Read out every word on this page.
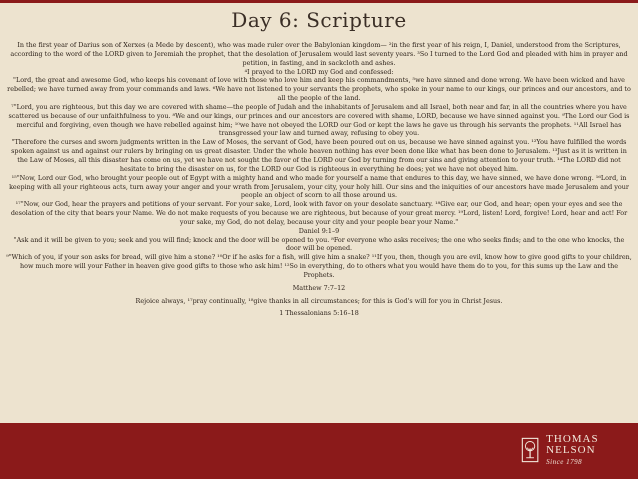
Day 6: Scripture

In the first year of Darius son of Xerxes (a Mede by descent), who was made ruler over the Babylonian kingdom— ²in the first year of his reign, I, Daniel, understood from the Scriptures, according to the word of the LORD given to Jeremiah the prophet, that the desolation of Jerusalem would last seventy years. ³So I turned to the Lord God and pleaded with him in prayer and petition, in fasting, and in sackcloth and ashes.

⁴I prayed to the LORD my God and confessed:

"Lord, the great and awesome God, who keeps his covenant of love with those who love him and keep his commandments, ⁵we have sinned and done wrong. We have been wicked and have rebelled; we have turned away from your commands and laws. ⁶We have not listened to your servants the prophets, who spoke in your name to our kings, our princes and our ancestors, and to all the people of the land.

⁷"Lord, you are righteous, but this day we are covered with shame—the people of Judah and the inhabitants of Jerusalem and all Israel, both near and far, in all the countries where you have scattered us because of our unfaithfulness to you. ⁸We and our kings, our princes and our ancestors are covered with shame, LORD, because we have sinned against you. ⁹The Lord our God is merciful and forgiving, even though we have rebelled against him; ¹⁰we have not obeyed the LORD our God or kept the laws he gave us through his servants the prophets. ¹¹All Israel has transgressed your law and turned away, refusing to obey you.

"Therefore the curses and sworn judgments written in the Law of Moses, the servant of God, have been poured out on us, because we have sinned against you. ¹²You have fulfilled the words spoken against us and against our rulers by bringing on us great disaster. Under the whole heaven nothing has ever been done like what has been done to Jerusalem. ¹³Just as it is written in the Law of Moses, all this disaster has come on us, yet we have not sought the favor of the LORD our God by turning from our sins and giving attention to your truth. ¹⁴The LORD did not hesitate to bring the disaster on us, for the LORD our God is righteous in everything he does; yet we have not obeyed him.

¹⁵"Now, Lord our God, who brought your people out of Egypt with a mighty hand and who made for yourself a name that endures to this day, we have sinned, we have done wrong. ¹⁶Lord, in keeping with all your righteous acts, turn away your anger and your wrath from Jerusalem, your city, your holy hill. Our sins and the iniquities of our ancestors have made Jerusalem and your people an object of scorn to all those around us.

¹⁷"Now, our God, hear the prayers and petitions of your servant. For your sake, Lord, look with favor on your desolate sanctuary. ¹⁸Give ear, our God, and hear; open your eyes and see the desolation of the city that bears your Name. We do not make requests of you because we are righteous, but because of your great mercy. ¹⁹Lord, listen! Lord, forgive! Lord, hear and act! For your sake, my God, do not delay, because your city and your people bear your Name."

Daniel 9:1–9

"Ask and it will be given to you; seek and you will find; knock and the door will be opened to you. ⁸For everyone who asks receives; the one who seeks finds; and to the one who knocks, the door will be opened.

⁹"Which of you, if your son asks for bread, will give him a stone? ¹⁰Or if he asks for a fish, will give him a snake? ¹¹If you, then, though you are evil, know how to give good gifts to your children, how much more will your Father in heaven give good gifts to those who ask him! ¹²So in everything, do to others what you would have them do to you, for this sums up the Law and the Prophets.

Matthew 7:7–12

Rejoice always, ¹⁷pray continually, ¹⁸give thanks in all circumstances; for this is God's will for you in Christ Jesus.

1 Thessalonians 5:16–18
THOMAS NELSON
Since 1798
